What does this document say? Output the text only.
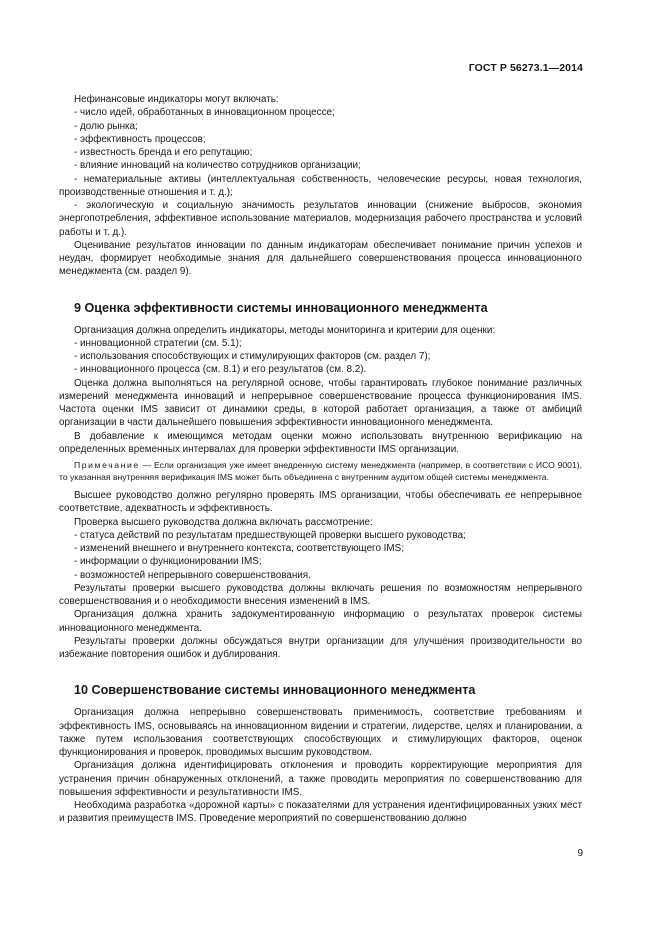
ГОСТ Р 56273.1—2014

Нефинансовые индикаторы могут включать:

- число идей, обработанных в инновационном процессе;

- долю рынка;

- эффективность процессов;

- известность бренда и его репутацию;

- влияние инноваций на количество сотрудников организации;

- нематериальные активы (интеллектуальная собственность, человеческие ресурсы, новая технология, производственные отношения и т. д.);

- экологическую и социальную значимость результатов инновации (снижение выбросов, экономия энергопотребления, эффективное использование материалов, модернизация рабочего пространства и условий работы и т. д.).

Оценивание результатов инновации по данным индикаторам обеспечивает понимание причин успехов и неудач, формирует необходимые знания для дальнейшего совершенствования процесса инновационного менеджмента (см. раздел 9).

9 Оценка эффективности системы инновационного менеджмента

Организация должна определить индикаторы, методы мониторинга и критерии для оценки:

- инновационной стратегии (см. 5.1);

- использования способствующих и стимулирующих факторов (см. раздел 7);

- инновационного процесса (см. 8.1) и его результатов (см. 8.2).

Оценка должна выполняться на регулярной основе, чтобы гарантировать глубокое понимание различных измерений менеджмента инноваций и непрерывное совершенствование процесса функционирования IMS. Частота оценки IMS зависит от динамики среды, в которой работает организация, а также от амбиций организации в части дальнейшего повышения эффективности инновационного менеджмента.

В добавление к имеющимся методам оценки можно использовать внутреннюю верификацию на определенных временных интервалах для проверки эффективности IMS организации.

Примечание — Если организация уже имеет внедренную систему менеджмента (например, в соответствии с ИСО 9001), то указанная внутренняя верификация IMS может быть объединена с внутренним аудитом общей системы менеджмента.

Высшее руководство должно регулярно проверять IMS организации, чтобы обеспечивать ее непрерывное соответствие, адекватность и эффективность.

Проверка высшего руководства должна включать рассмотрение:

- статуса действий по результатам предшествующей проверки высшего руководства;

- изменений внешнего и внутреннего контекста, соответствующего IMS;

- информации о функционировании IMS;

- возможностей непрерывного совершенствования.

Результаты проверки высшего руководства должны включать решения по возможностям непрерывного совершенствования и о необходимости внесения изменений в IMS.

Организация должна хранить задокументированную информацию о результатах проверок системы инновационного менеджмента.

Результаты проверки должны обсуждаться внутри организации для улучшения производительности во избежание повторения ошибок и дублирования.

10 Совершенствование системы инновационного менеджмента

Организация должна непрерывно совершенствовать применимость, соответствие требованиям и эффективность IMS, основываясь на инновационном видении и стратегии, лидерстве, целях и планировании, а также путем использования соответствующих способствующих и стимулирующих факторов, оценок функционирования и проверок, проводимых высшим руководством.

Организация должна идентифицировать отклонения и проводить корректирующие мероприятия для устранения причин обнаруженных отклонений, а также проводить мероприятия по совершенствованию для повышения эффективности и результативности IMS.

Необходима разработка «дорожной карты» с показателями для устранения идентифицированных узких мест и развития преимуществ IMS. Проведение мероприятий по совершенствованию должно

9
